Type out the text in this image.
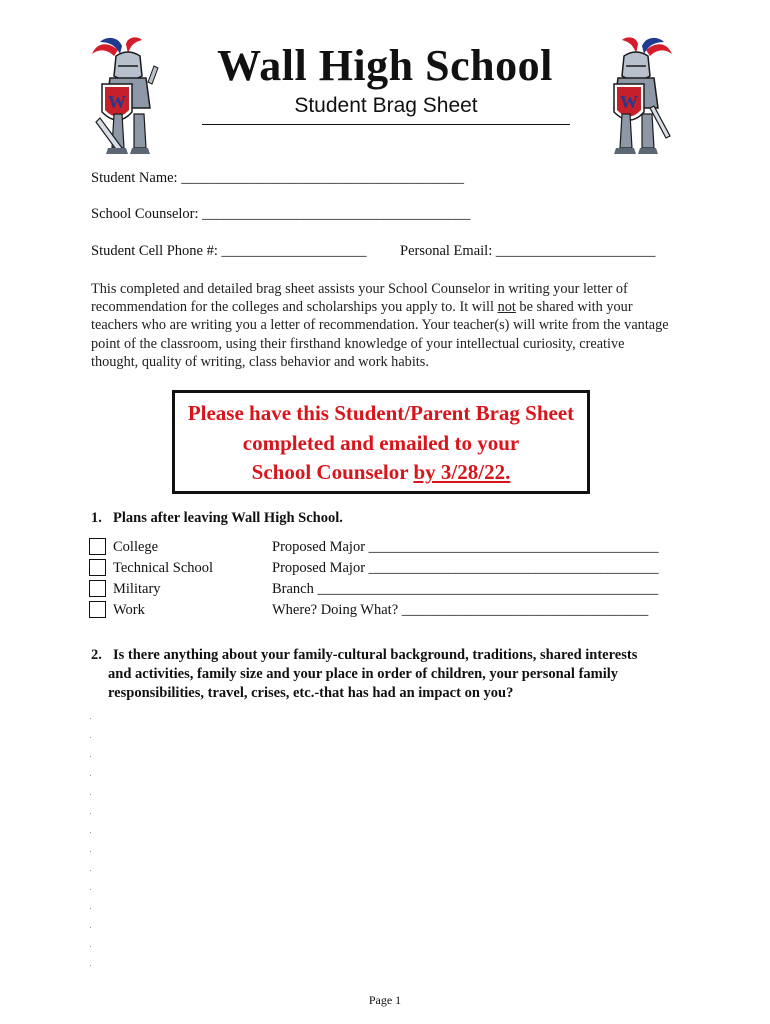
W	W
Wall High School
Student Brag Sheet
Student Name: _______________________________________
School Counselor: _____________________________________
Student Cell Phone #: ____________________ Personal Email: ______________________
This completed and detailed brag sheet assists your School Counselor in writing your letter of recommendation for the colleges and scholarships you apply to. It will not be shared with your teachers who are writing you a letter of recommendation. Your teacher(s) will write from the vantage point of the classroom, using their firsthand knowledge of your intellectual curiosity, creative thought, quality of writing, class behavior and work habits.
Please have this Student/Parent Brag Sheet
completed and emailed to your
School Counselor by 3/28/22.
1. Plans after leaving Wall High School.
College	Proposed Major ________________________________________
Technical School	Proposed Major ________________________________________
Military	Branch _______________________________________________
Work	Where? Doing What? __________________________________
2. Is there anything about your family-cultural background, traditions, shared interests
and activities, family size and your place in order of children, your personal family
responsibilities, travel, crises, etc.-that has had an impact on you?
Page 1
